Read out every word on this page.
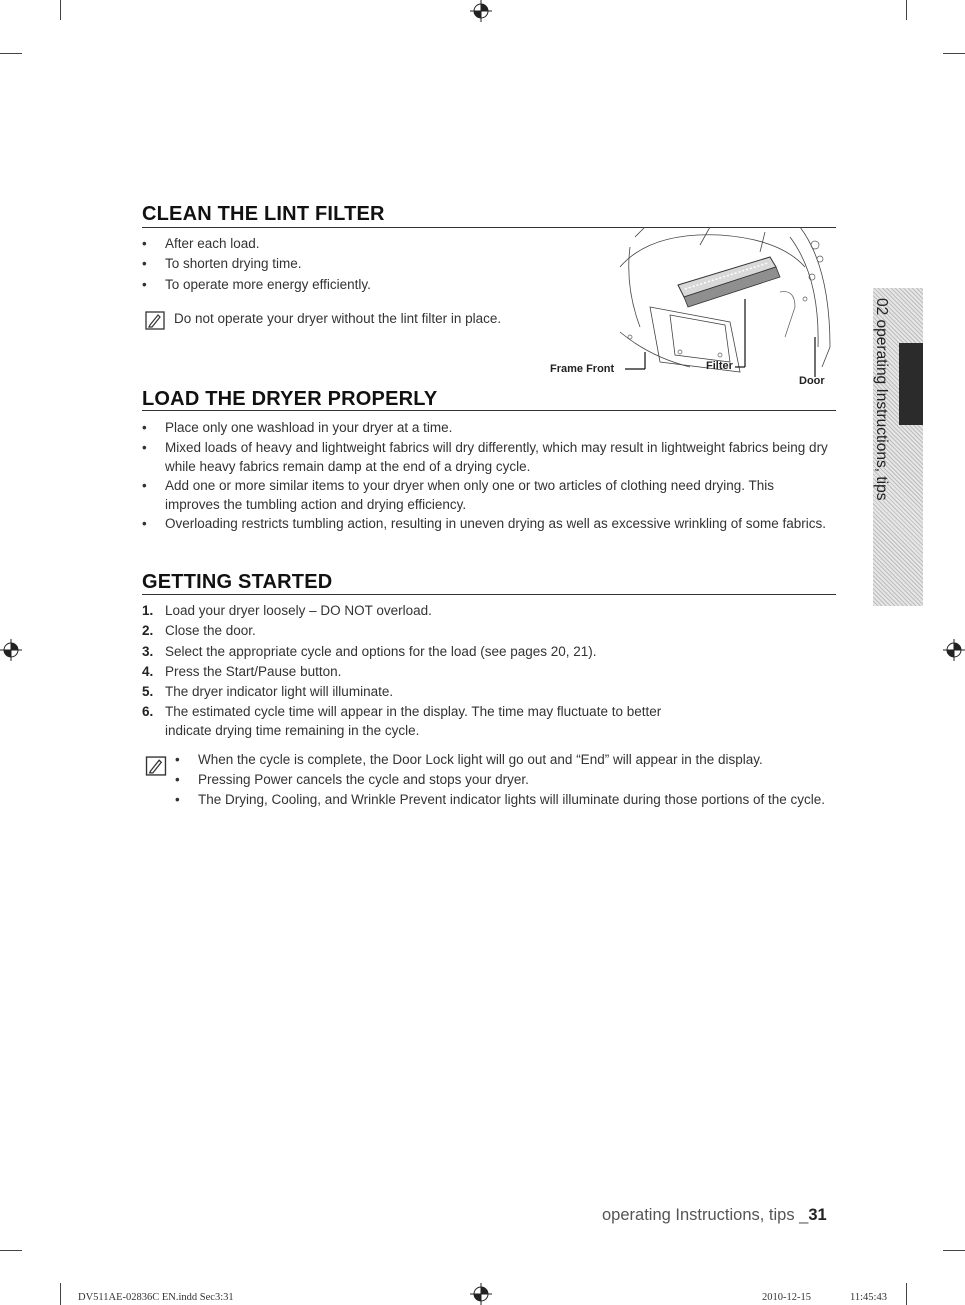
CLEAN THE LINT FILTER
• After each load.
• To shorten drying time.
• To operate more energy efficiently.
Do not operate your dryer without the lint filter in place.
Frame Front	Filter
Door
LOAD THE DRYER PROPERLY
• Place only one washload in your dryer at a time.
• Mixed loads of heavy and lightweight fabrics will dry differently, which may result in lightweight fabrics being dry while heavy fabrics remain damp at the end of a drying cycle.
• Add one or more similar items to your dryer when only one or two articles of clothing need drying. This improves the tumbling action and drying efficiency.
• Overloading restricts tumbling action, resulting in uneven drying as well as excessive wrinkling of some fabrics.
GETTING STARTED
1. Load your dryer loosely – DO NOT overload.
2. Close the door.
3. Select the appropriate cycle and options for the load (see pages 20, 21).
4. Press the Start/Pause button.
5. The dryer indicator light will illuminate.
6. The estimated cycle time will appear in the display. The time may fluctuate to better indicate drying time remaining in the cycle.
• When the cycle is complete, the Door Lock light will go out and “End” will appear in the display.
• Pressing Power cancels the cycle and stops your dryer.
• The Drying, Cooling, and Wrinkle Prevent indicator lights will illuminate during those portions of the cycle.
02 operating Instructions, tips
operating Instructions, tips _31
DV511AE-02836C EN.indd Sec3:31	2010-12-15	11:45:43
